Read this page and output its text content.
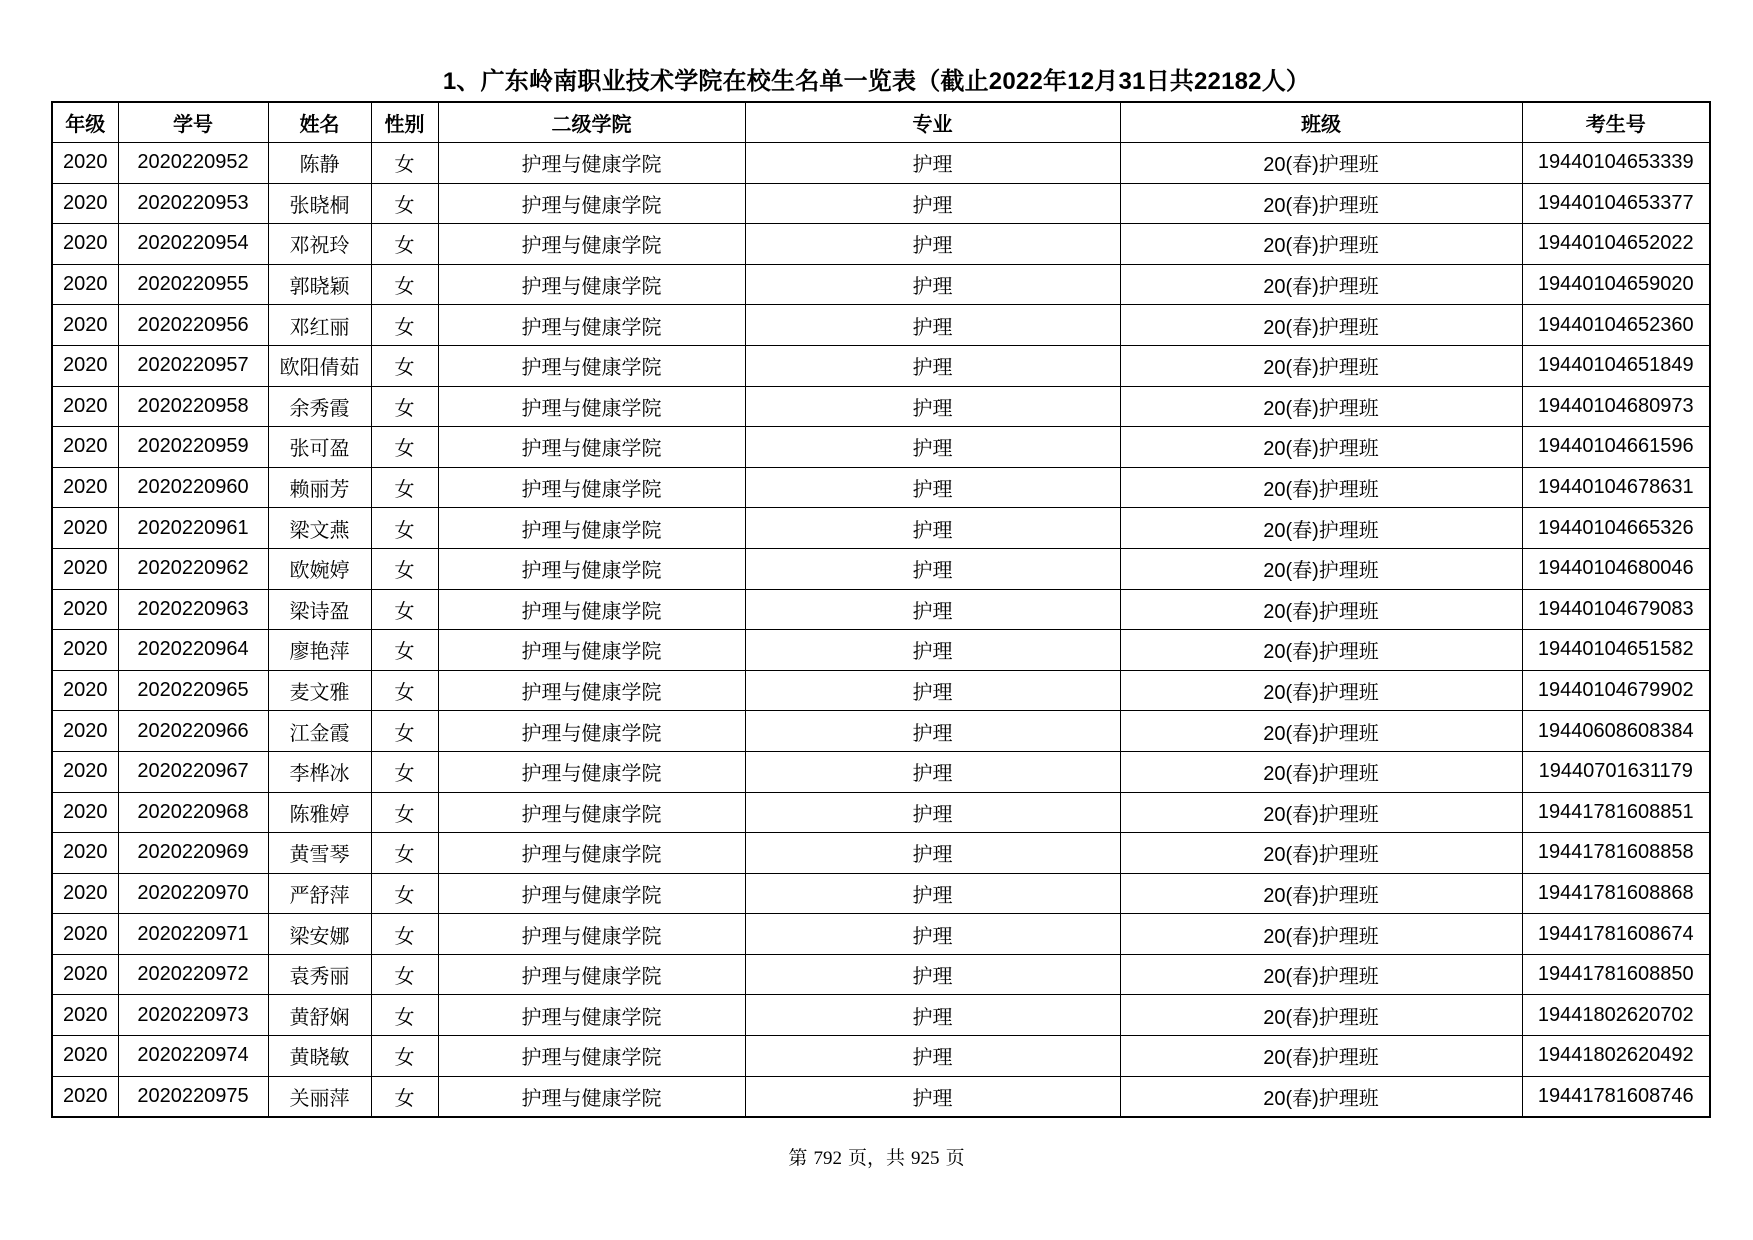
1、广东岭南职业技术学院在校生名单一览表（截止2022年12月31日共22182人）
年级	学号	姓名	性别	二级学院	专业	班级	考生号
2020	2020220952	陈静	女	护理与健康学院	护理	20(春)护理班	19440104653339
2020	2020220953	张晓桐	女	护理与健康学院	护理	20(春)护理班	19440104653377
2020	2020220954	邓祝玲	女	护理与健康学院	护理	20(春)护理班	19440104652022
2020	2020220955	郭晓颖	女	护理与健康学院	护理	20(春)护理班	19440104659020
2020	2020220956	邓红丽	女	护理与健康学院	护理	20(春)护理班	19440104652360
2020	2020220957	欧阳倩茹	女	护理与健康学院	护理	20(春)护理班	19440104651849
2020	2020220958	余秀霞	女	护理与健康学院	护理	20(春)护理班	19440104680973
2020	2020220959	张可盈	女	护理与健康学院	护理	20(春)护理班	19440104661596
2020	2020220960	赖丽芳	女	护理与健康学院	护理	20(春)护理班	19440104678631
2020	2020220961	梁文燕	女	护理与健康学院	护理	20(春)护理班	19440104665326
2020	2020220962	欧婉婷	女	护理与健康学院	护理	20(春)护理班	19440104680046
2020	2020220963	梁诗盈	女	护理与健康学院	护理	20(春)护理班	19440104679083
2020	2020220964	廖艳萍	女	护理与健康学院	护理	20(春)护理班	19440104651582
2020	2020220965	麦文雅	女	护理与健康学院	护理	20(春)护理班	19440104679902
2020	2020220966	江金霞	女	护理与健康学院	护理	20(春)护理班	19440608608384
2020	2020220967	李桦冰	女	护理与健康学院	护理	20(春)护理班	19440701631179
2020	2020220968	陈雅婷	女	护理与健康学院	护理	20(春)护理班	19441781608851
2020	2020220969	黄雪琴	女	护理与健康学院	护理	20(春)护理班	19441781608858
2020	2020220970	严舒萍	女	护理与健康学院	护理	20(春)护理班	19441781608868
2020	2020220971	梁安娜	女	护理与健康学院	护理	20(春)护理班	19441781608674
2020	2020220972	袁秀丽	女	护理与健康学院	护理	20(春)护理班	19441781608850
2020	2020220973	黄舒娴	女	护理与健康学院	护理	20(春)护理班	19441802620702
2020	2020220974	黄晓敏	女	护理与健康学院	护理	20(春)护理班	19441802620492
2020	2020220975	关丽萍	女	护理与健康学院	护理	20(春)护理班	19441781608746
第 792 页，共 925 页
